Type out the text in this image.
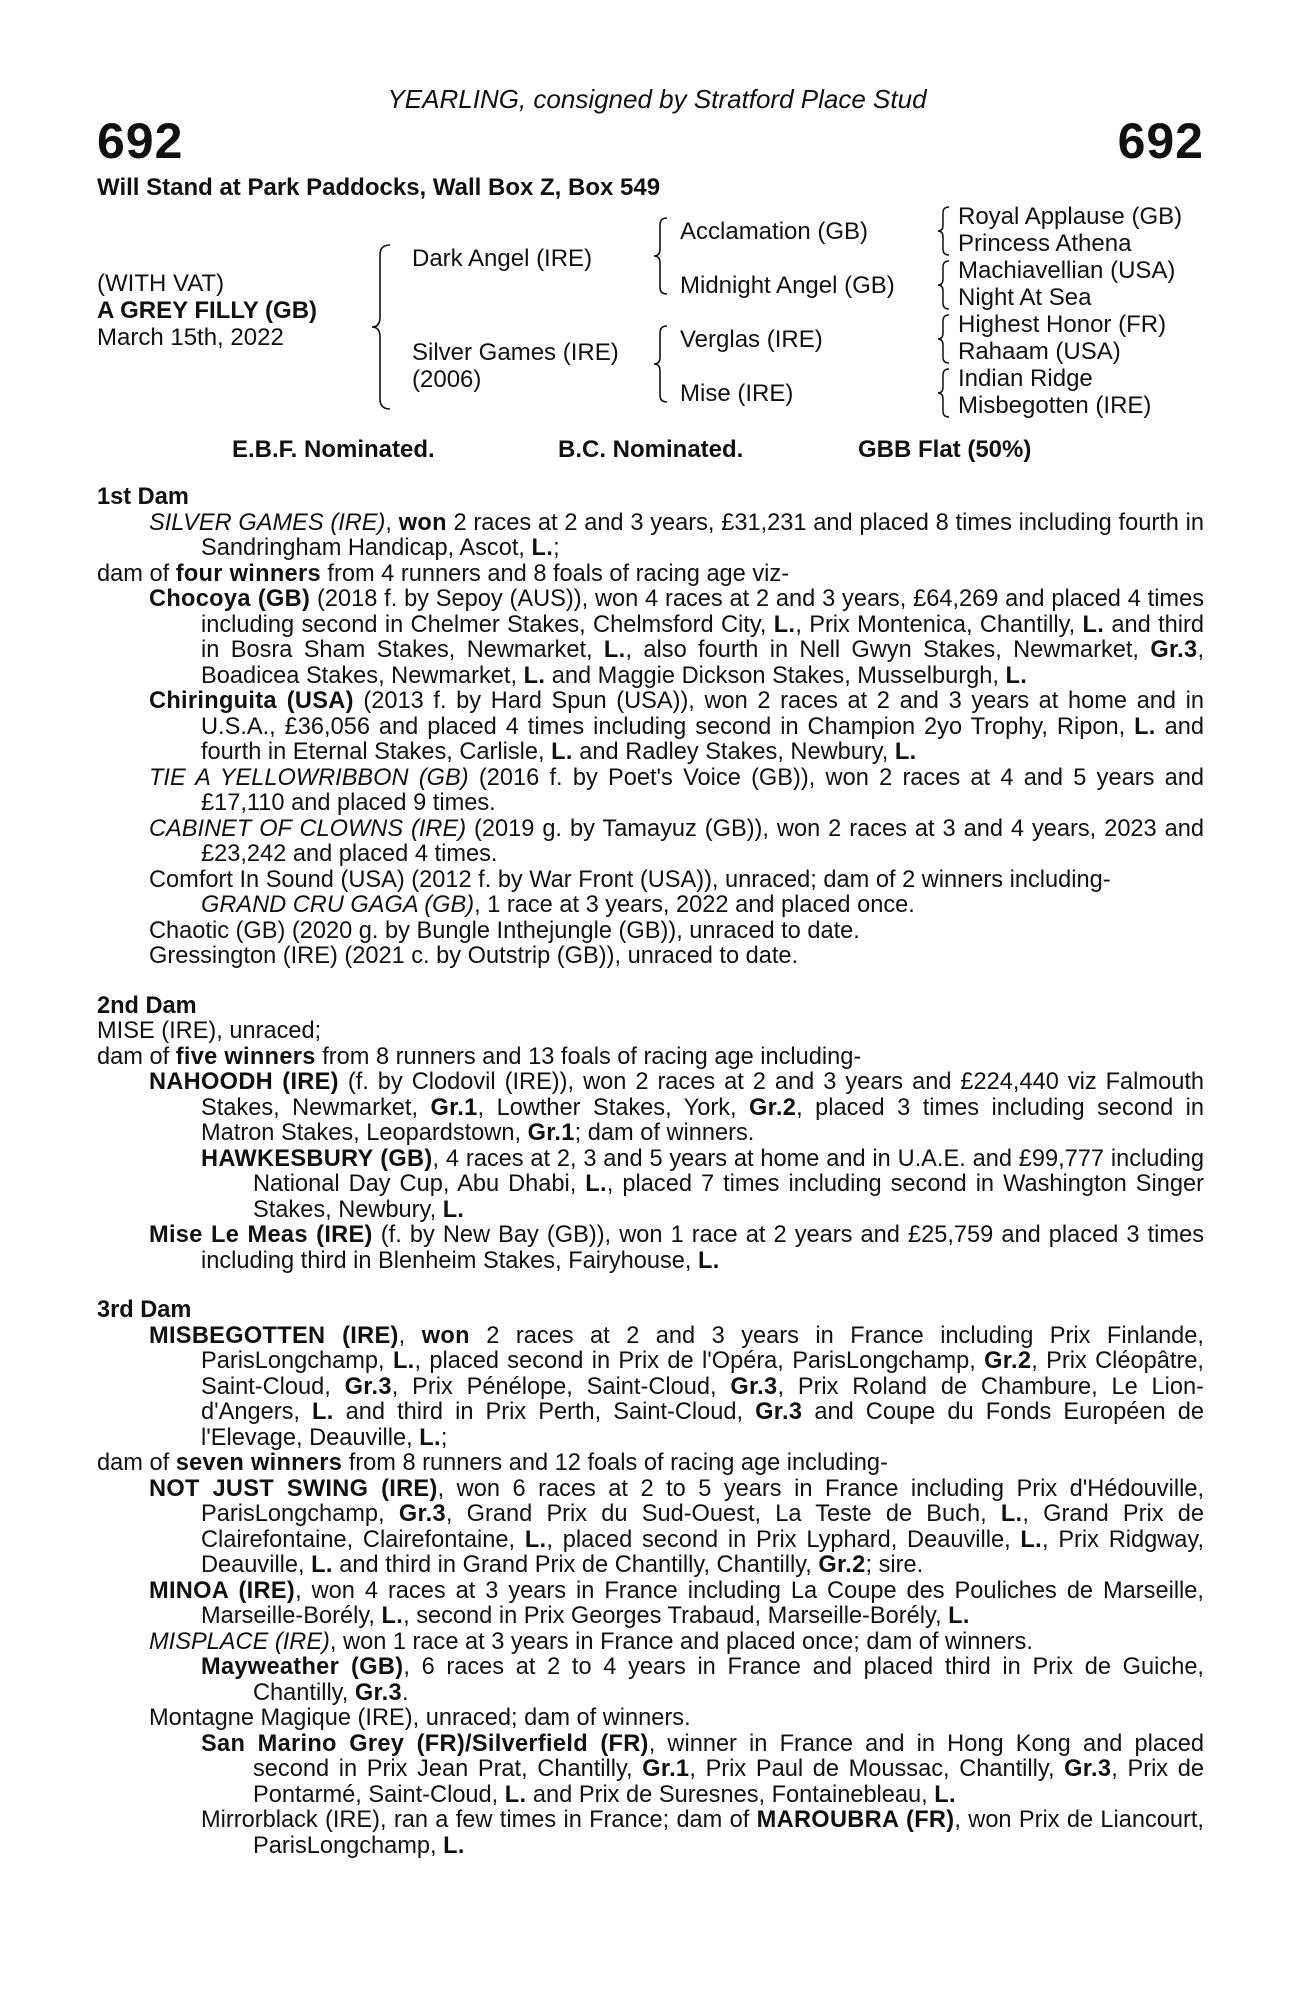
YEARLING, consigned by Stratford Place Stud
692	692
Will Stand at Park Paddocks, Wall Box Z, Box 549
(WITH VAT)
A GREY FILLY (GB)
March 15th, 2022
Dark Angel (IRE)
Silver Games (IRE)
(2006)
Acclamation (GB)
Midnight Angel (GB)
Verglas (IRE)
Mise (IRE)
Royal Applause (GB)
Princess Athena
Machiavellian (USA)
Night At Sea
Highest Honor (FR)
Rahaam (USA)
Indian Ridge
Misbegotten (IRE)
E.B.F. Nominated.	B.C. Nominated.	GBB Flat (50%)
1st Dam
SILVER GAMES (IRE), won 2 races at 2 and 3 years, £31,231 and placed 8 times including fourth in Sandringham Handicap, Ascot, L.;
dam of four winners from 4 runners and 8 foals of racing age viz-
Chocoya (GB) (2018 f. by Sepoy (AUS)), won 4 races at 2 and 3 years, £64,269 and placed 4 times including second in Chelmer Stakes, Chelmsford City, L., Prix Montenica, Chantilly, L. and third in Bosra Sham Stakes, Newmarket, L., also fourth in Nell Gwyn Stakes, Newmarket, Gr.3, Boadicea Stakes, Newmarket, L. and Maggie Dickson Stakes, Musselburgh, L.
Chiringuita (USA) (2013 f. by Hard Spun (USA)), won 2 races at 2 and 3 years at home and in U.S.A., £36,056 and placed 4 times including second in Champion 2yo Trophy, Ripon, L. and fourth in Eternal Stakes, Carlisle, L. and Radley Stakes, Newbury, L.
TIE A YELLOWRIBBON (GB) (2016 f. by Poet's Voice (GB)), won 2 races at 4 and 5 years and £17,110 and placed 9 times.
CABINET OF CLOWNS (IRE) (2019 g. by Tamayuz (GB)), won 2 races at 3 and 4 years, 2023 and £23,242 and placed 4 times.
Comfort In Sound (USA) (2012 f. by War Front (USA)), unraced; dam of 2 winners including-
GRAND CRU GAGA (GB), 1 race at 3 years, 2022 and placed once.
Chaotic (GB) (2020 g. by Bungle Inthejungle (GB)), unraced to date.
Gressington (IRE) (2021 c. by Outstrip (GB)), unraced to date.
2nd Dam
MISE (IRE), unraced;
dam of five winners from 8 runners and 13 foals of racing age including-
NAHOODH (IRE) (f. by Clodovil (IRE)), won 2 races at 2 and 3 years and £224,440 viz Falmouth Stakes, Newmarket, Gr.1, Lowther Stakes, York, Gr.2, placed 3 times including second in Matron Stakes, Leopardstown, Gr.1; dam of winners.
HAWKESBURY (GB), 4 races at 2, 3 and 5 years at home and in U.A.E. and £99,777 including National Day Cup, Abu Dhabi, L., placed 7 times including second in Washington Singer Stakes, Newbury, L.
Mise Le Meas (IRE) (f. by New Bay (GB)), won 1 race at 2 years and £25,759 and placed 3 times including third in Blenheim Stakes, Fairyhouse, L.
3rd Dam
MISBEGOTTEN (IRE), won 2 races at 2 and 3 years in France including Prix Finlande, ParisLongchamp, L., placed second in Prix de l'Opéra, ParisLongchamp, Gr.2, Prix Cléopâtre, Saint-Cloud, Gr.3, Prix Pénélope, Saint-Cloud, Gr.3, Prix Roland de Chambure, Le Lion-d'Angers, L. and third in Prix Perth, Saint-Cloud, Gr.3 and Coupe du Fonds Européen de l'Elevage, Deauville, L.;
dam of seven winners from 8 runners and 12 foals of racing age including-
NOT JUST SWING (IRE), won 6 races at 2 to 5 years in France including Prix d'Hédouville, ParisLongchamp, Gr.3, Grand Prix du Sud-Ouest, La Teste de Buch, L., Grand Prix de Clairefontaine, Clairefontaine, L., placed second in Prix Lyphard, Deauville, L., Prix Ridgway, Deauville, L. and third in Grand Prix de Chantilly, Chantilly, Gr.2; sire.
MINOA (IRE), won 4 races at 3 years in France including La Coupe des Pouliches de Marseille, Marseille-Borély, L., second in Prix Georges Trabaud, Marseille-Borély, L.
MISPLACE (IRE), won 1 race at 3 years in France and placed once; dam of winners.
Mayweather (GB), 6 races at 2 to 4 years in France and placed third in Prix de Guiche, Chantilly, Gr.3.
Montagne Magique (IRE), unraced; dam of winners.
San Marino Grey (FR)/Silverfield (FR), winner in France and in Hong Kong and placed second in Prix Jean Prat, Chantilly, Gr.1, Prix Paul de Moussac, Chantilly, Gr.3, Prix de Pontarmé, Saint-Cloud, L. and Prix de Suresnes, Fontainebleau, L.
Mirrorblack (IRE), ran a few times in France; dam of MAROUBRA (FR), won Prix de Liancourt, ParisLongchamp, L.
